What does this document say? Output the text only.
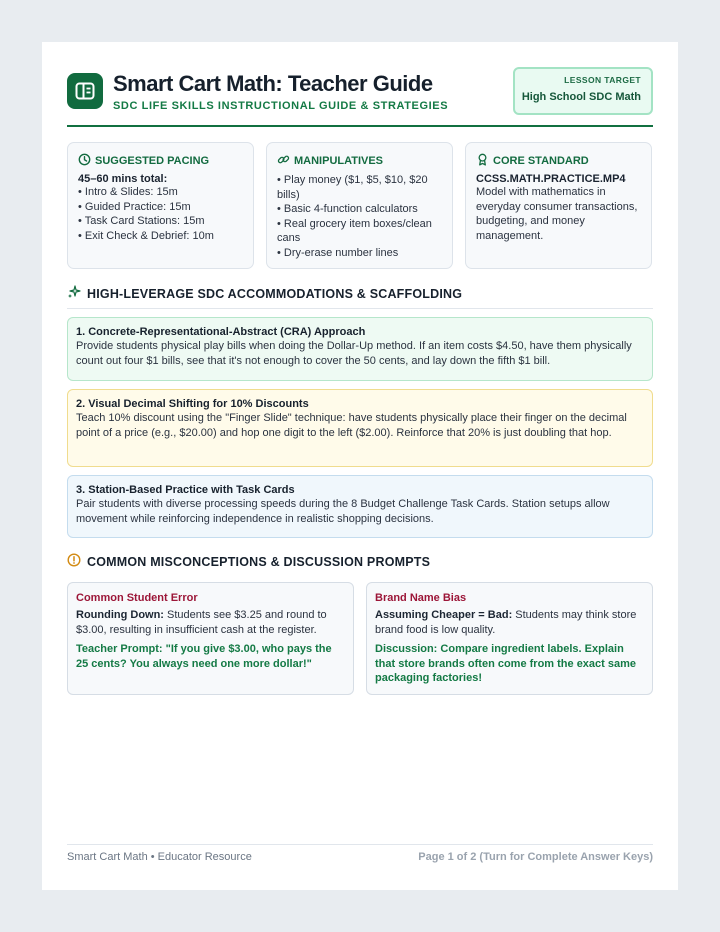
Smart Cart Math: Teacher Guide
SDC LIFE SKILLS INSTRUCTIONAL GUIDE & STRATEGIES
LESSON TARGET
High School SDC Math
SUGGESTED PACING
45–60 mins total:
• Intro & Slides: 15m
• Guided Practice: 15m
• Task Card Stations: 15m
• Exit Check & Debrief: 10m
MANIPULATIVES
• Play money ($1, $5, $10, $20 bills)
• Basic 4-function calculators
• Real grocery item boxes/clean cans
• Dry-erase number lines
CORE STANDARD
CCSS.MATH.PRACTICE.MP4
Model with mathematics in everyday consumer transactions, budgeting, and money management.
HIGH-LEVERAGE SDC ACCOMMODATIONS & SCAFFOLDING
1. Concrete-Representational-Abstract (CRA) Approach
Provide students physical play bills when doing the Dollar-Up method. If an item costs $4.50, have them physically count out four $1 bills, see that it's not enough to cover the 50 cents, and lay down the fifth $1 bill.
2. Visual Decimal Shifting for 10% Discounts
Teach 10% discount using the "Finger Slide" technique: have students physically place their finger on the decimal point of a price (e.g., $20.00) and hop one digit to the left ($2.00). Reinforce that 20% is just doubling that hop.
3. Station-Based Practice with Task Cards
Pair students with diverse processing speeds during the 8 Budget Challenge Task Cards. Station setups allow movement while reinforcing independence in realistic shopping decisions.
COMMON MISCONCEPTIONS & DISCUSSION PROMPTS
Common Student Error
Rounding Down: Students see $3.25 and round to $3.00, resulting in insufficient cash at the register.
Teacher Prompt: "If you give $3.00, who pays the 25 cents? You always need one more dollar!"
Brand Name Bias
Assuming Cheaper = Bad: Students may think store brand food is low quality.
Discussion: Compare ingredient labels. Explain that store brands often come from the exact same packaging factories!
Smart Cart Math • Educator Resource	Page 1 of 2 (Turn for Complete Answer Keys)
